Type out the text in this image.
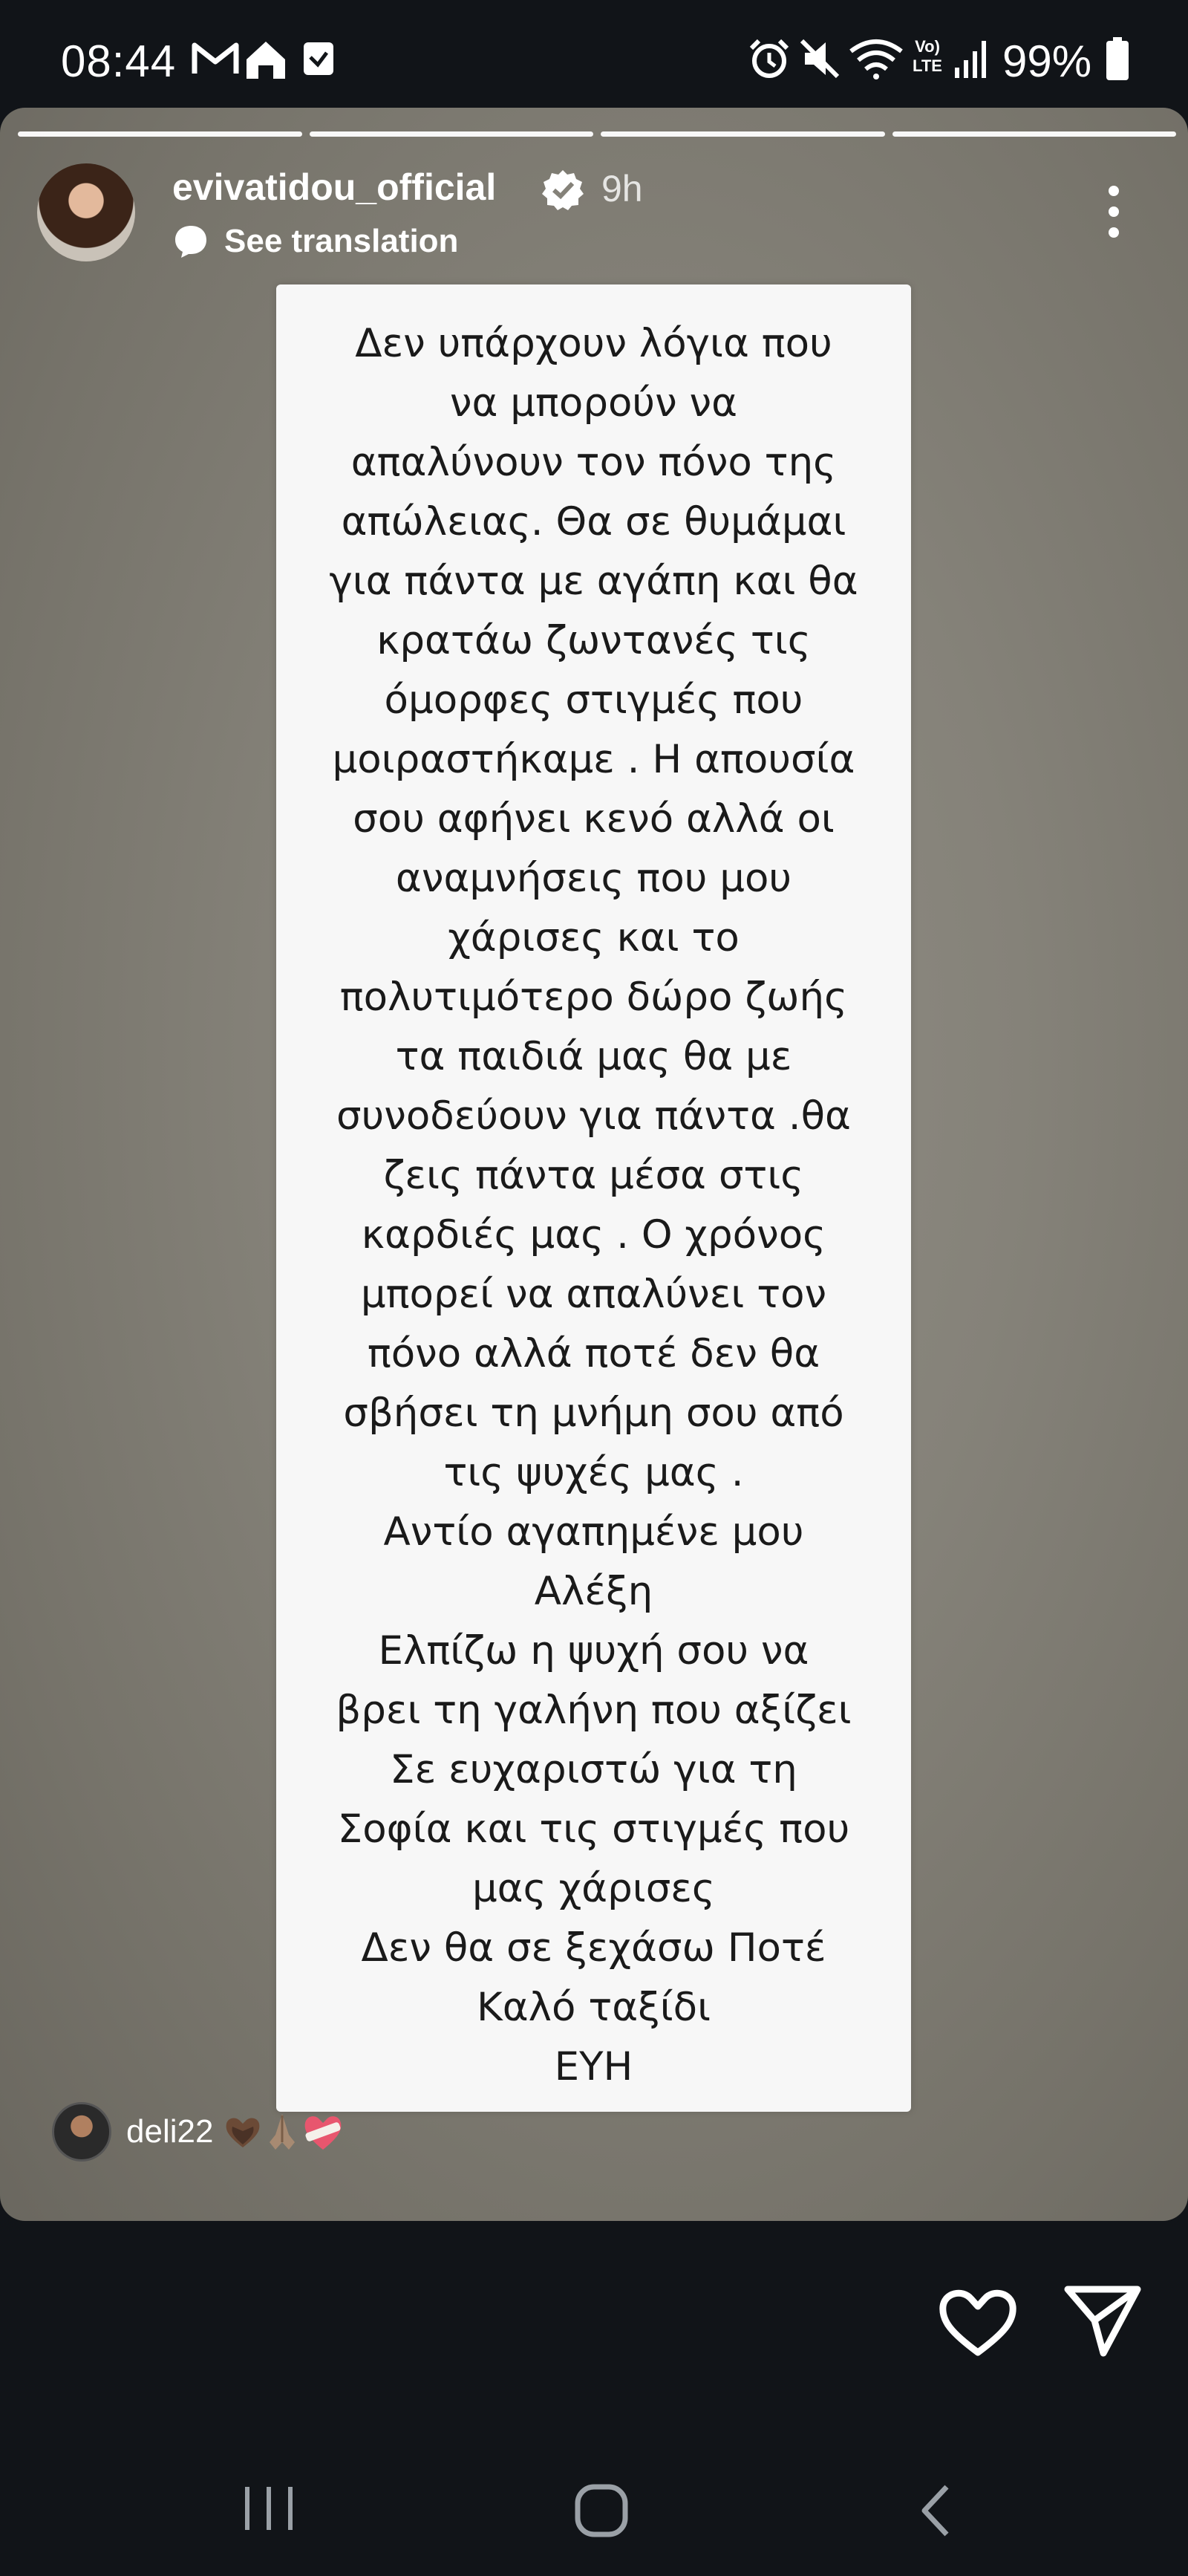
08:44	Vo)
LTE 99%
evivatidou_official	9h
See translation
Δεν υπάρχουν λόγια που
να μπορούν να
απαλύνουν τον πόνο της
απώλειας. Θα σε θυμάμαι
για πάντα με αγάπη και θα
κρατάω ζωντανές τις
όμορφες στιγμές που
μοιραστήκαμε . Η απουσία
σου αφήνει κενό αλλά οι
αναμνήσεις που μου
χάρισες και το
πολυτιμότερο δώρο ζωής
τα παιδιά μας θα με
συνοδεύουν για πάντα .θα
ζεις πάντα μέσα στις
καρδιές μας . Ο χρόνος
μπορεί να απαλύνει τον
πόνο αλλά ποτέ δεν θα
σβήσει τη μνήμη σου από
τις ψυχές μας .
Αντίο αγαπημένε μου
Αλέξη
Ελπίζω η ψυχή σου να
βρει τη γαλήνη που αξίζει
Σε ευχαριστώ για τη
Σοφία και τις στιγμές που
μας χάρισες
Δεν θα σε ξεχάσω Ποτέ
Καλό ταξίδι
ΕΥΗ
deli22
